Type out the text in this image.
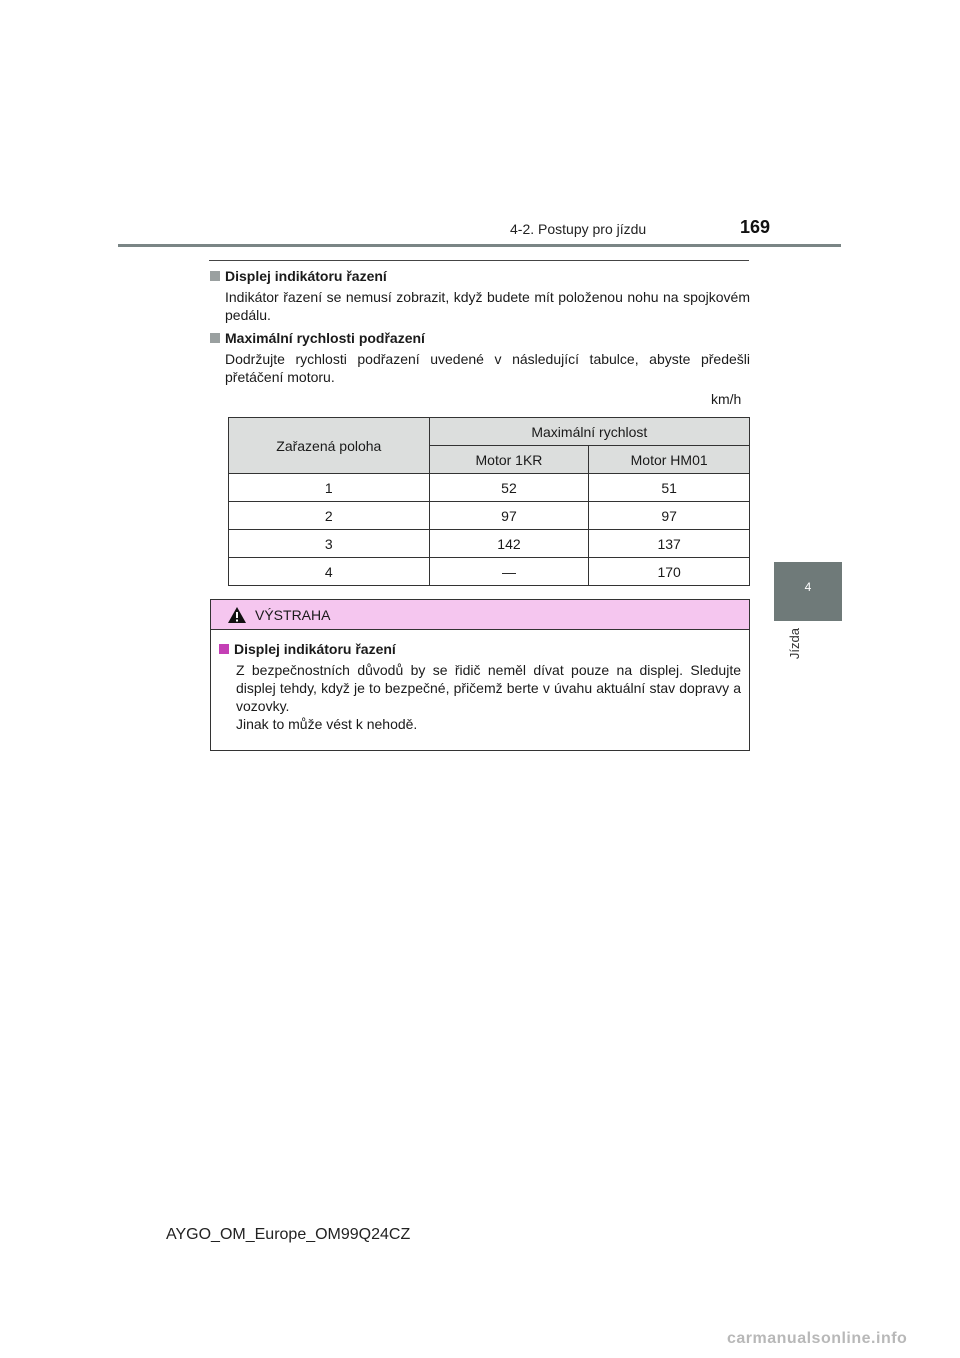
4-2. Postupy pro jízdu	169
4
Jízda
Displej indikátoru řazení
Indikátor řazení se nemusí zobrazit, když budete mít položenou nohu na spojkovém pedálu.
Maximální rychlosti podřazení
Dodržujte rychlosti podřazení uvedené v následující tabulce, abyste předešli přetáčení motoru.
km/h
Zařazená poloha	Maximální rychlost	
	Motor 1KR	Motor HM01
1	52	51
2	97	97
3	142	137
4	—	170
VÝSTRAHA
Displej indikátoru řazení
Z bezpečnostních důvodů by se řidič neměl dívat pouze na displej. Sledujte displej tehdy, když je to bezpečné, přičemž berte v úvahu aktuální stav dopravy a vozovky.
Jinak to může vést k nehodě.
AYGO_OM_Europe_OM99Q24CZ
carmanualsonline.info
